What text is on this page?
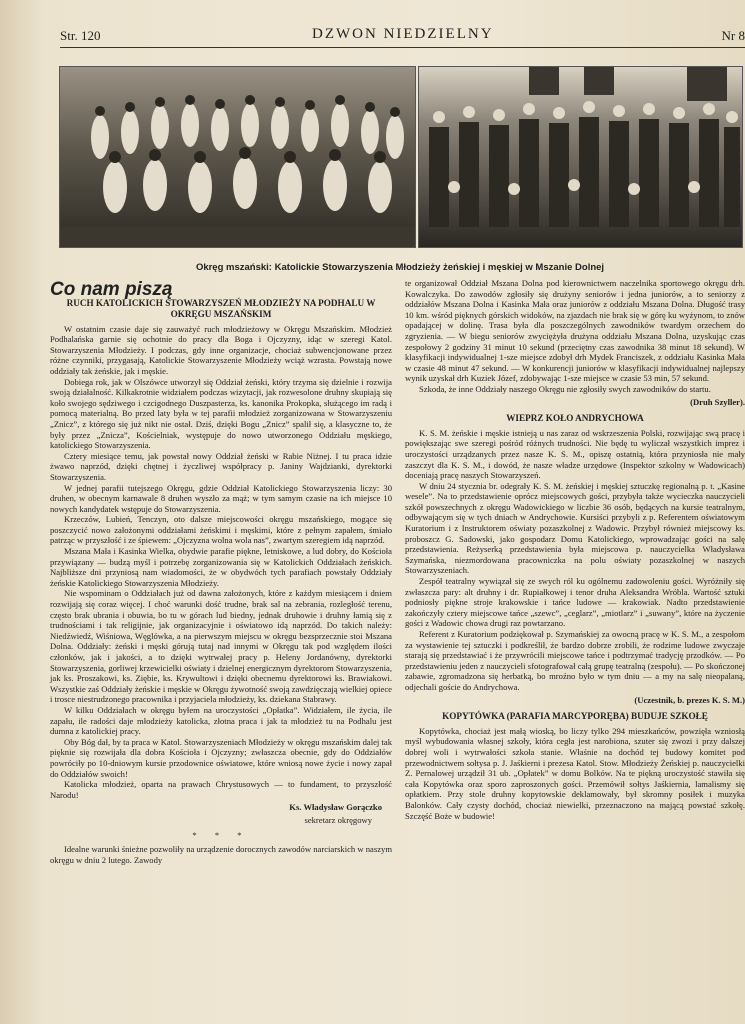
Str. 120	DZWON NIEDZIELNY	Nr 8
Okręg mszański: Katolickie Stowarzyszenia Młodzieży żeńskiej i męskiej w Mszanie Dolnej

Co nam piszą

RUCH KATOLICKICH STOWARZYSZEŃ MŁODZIEŻY NA PODHALU W OKRĘGU MSZAŃSKIM

W ostatnim czasie daje się zauważyć ruch młodzieżowy w Okręgu Mszańskim. Młodzież Podhalańska garnie się ochotnie do pracy dla Boga i Ojczyzny, idąc w szeregi Katol. Stowarzyszenia Młodzieży. I podczas, gdy inne organizacje, chociaż subwencjonowane przez różne czynniki, przygasają, Katolickie Stowarzyszenie Młodzieży wciąż wzrasta. Powstają nowe oddziały tak żeńskie, jak i męskie.

Dobiega rok, jak w Olszówce utworzył się Oddział żeński, który trzyma się dzielnie i rozwija swoją działalność. Kilkakrotnie widziałem podczas wizytacji, jak rozwesolone druhny skupiają się koło swojego sędziwego i czcigodnego Duszpasterza, ks. kanonika Prokopka, służącego im radą i pomocą materialną. Bo przed laty była w tej parafii młodzież zorganizowana w Stowarzyszeniu „Znicz”, z którego się już nikt nie ostał. Dziś, dzięki Bogu „Znicz” spalił się, a klasyczne to, że były przez „Znicza”, Kościelniak, występuje do nowo utworzonego Oddziału męskiego, katolickiego Stowarzyszenia.

Cztery miesiące temu, jak powstał nowy Oddział żeński w Rabie Niżnej. I tu praca idzie żwawo naprzód, dzięki chętnej i życzliwej współpracy p. Janiny Wajdzianki, dyrektorki Stowarzyszenia.

W jednej parafii tutejszego Okręgu, gdzie Oddział Katolickiego Stowarzyszenia liczy: 30 druhen, w obecnym karnawale 8 druhen wyszło za mąż; w tym samym czasie na ich miejsce 10 nowych kandydatek wstępuje do Stowarzyszenia.

Krzeczów, Lubień, Tenczyn, oto dalsze miejscowości okręgu mszańskiego, mogące się poszczycić nowo założonymi oddziałami żeńskimi i męskimi, które z pełnym zapałem, śmiało patrząc w przyszłość i ze śpiewem: „Ojczyzna wolna wola nas”, zwartym szeregiem idą naprzód.

Mszana Mała i Kasinka Wielka, obydwie parafie piękne, letniskowe, a lud dobry, do Kościoła przywiązany — budzą myśl i potrzebę zorganizowania się w Katolickich Oddziałach żeńskich. Najbliższe dni przyniosą nam wiadomości, że w obydwóch tych parafiach powstały Oddziały żeńskie Katolickiego Stowarzyszenia Młodzieży.

Nie wspominam o Oddziałach już od dawna założonych, które z każdym miesiącem i dniem rozwijają się coraz więcej. I choć warunki dość trudne, brak sal na zebrania, rozległość terenu, często brak ubrania i obuwia, bo tu w górach lud biedny, jednak druhowie i druhny łamią się z trudnościami i tak religijnie, jak organizacyjnie i oświatowo idą naprzód. Do takich należy: Niedźwiedź, Wiśniowa, Węglówka, a na pierwszym miejscu w okręgu bezsprzecznie stoi Mszana Dolna. Oddziały: żeński i męski górują tutaj nad innymi w Okręgu tak pod względem ilości członków, jak i jakości, a to dzięki wytrwałej pracy p. Heleny Jordanówny, dyrektorki Stowarzyszenia, gorliwej krzewicielki oświaty i dzielnej energicznym dyrektorom Stowarzyszenia, jak ks. Proszakowi, ks. Ziębie, ks. Krywultowi i dzięki obecnemu dyrektorowi ks. Brawiakowi. Wszystkie zaś Oddziały żeńskie i męskie w Okręgu żywotność swoją zawdzięczają wielkiej opiece i trosce niestrudzonego pracownika i przyjaciela młodzieży, ks. dziekana Stabrawy.

W kilku Oddziałach w okręgu byłem na uroczystości „Opłatka”. Widziałem, ile życia, ile zapału, ile radości daje młodzieży katolicka, złotna praca i jak ta młodzież tu na Podhalu jest dumna z katolickiej pracy.

Oby Bóg dał, by ta praca w Katol. Stowarzyszeniach Młodzieży w okręgu mszańskim dalej tak pięknie się rozwijała dla dobra Kościoła i Ojczyzny; zwłaszcza obecnie, gdy do Oddziałów powróciły po 10-dniowym kursie przodownice oświatowe, które wniosą nowe życie i nowy zapał do Oddziałów swoich!

Katolicka młodzież, oparta na prawach Chrystusowych — to fundament, to przyszłość Narodu!

Ks. Władysław Gorączko

sekretarz okręgowy

* * *

Idealne warunki śnieżne pozwoliły na urządzenie dorocznych zawodów narciarskich w naszym okręgu w dniu 2 lutego. Zawody

te organizował Oddział Mszana Dolna pod kierownictwem naczelnika sportowego okręgu drh. Kowalczyka. Do zawodów zgłosiły się drużyny seniorów i jedna juniorów, a to seniorzy z oddziałów Mszana Dolna i Kasinka Mała oraz juniorów z oddziału Mszana Dolna. Długość trasy 10 km. wśród pięknych górskich widoków, na zjazdach nie brak się w górę ku wyżynom, to znów opadającej w dolinę. Trasa była dla poszczególnych zawodników twardym orzechem do zgryzienia. — W biegu seniorów zwyciężyła drużyna oddziału Mszana Dolna, uzyskując czas zespołowy 2 godziny 31 minut 10 sekund (przeciętny czas zawodnika 38 minut 18 sekund). W klasyfikacji indywidualnej 1-sze miejsce zdobył drh Mydek Franciszek, z oddziału Kasinka Mała w czasie 48 minut 47 sekund. — W konkurencji juniorów w klasyfikacji indywidualnej najlepszy wynik uzyskał drh Kuziek Józef, zdobywając 1-sze miejsce w czasie 53 min, 57 sekund.

Szkoda, że inne Oddziały naszego Okręgu nie zgłosiły swych zawodników do startu.

(Druh Szyller).

WIEPRZ KOŁO ANDRYCHOWA

K. S. M. żeńskie i męskie istnieją u nas zaraz od wskrzeszenia Polski, rozwijając swą pracę i powiększając swe szeregi pośród różnych trudności. Nie będę tu wyliczał wszystkich imprez i uroczystości urządzanych przez nasze K. S. M., opiszę ostatnią, która przyniosła nie mały zaszczyt dla K. S. M., i dowód, że nasze władze urzędowe (Inspektor szkolny w Wadowicach) doceniają pracę naszych Stowarzyszeń.

W dniu 24 stycznia br. odegrały K. S. M. żeńskiej i męskiej sztuczkę regionalną p. t. „Kasine wesele”. Na to przedstawienie oprócz miejscowych gości, przybyła także wycieczka nauczycieli szkół powszechnych z okręgu Wadowickiego w liczbie 36 osób, będących na kursie teatralnym, odbywającym się w tych dniach w Andrychowie. Kursiści przybyli z p. Referentem oświatowym Kuratorium i z Instruktorem oświaty pozaszkolnej z Wadowic. Przybył również miejscowy ks. proboszcz G. Sadowski, jako gospodarz Domu Katolickiego, wprowadzając gości na salę przedstawienia. Reżyserką przedstawienia była miejscowa p. nauczycielka Władysława Szymańska, niezmordowana pracowniczka na polu oświaty pozaszkolnej w naszych Stowarzyszeniach.

Zespół teatralny wywiązał się ze swych ról ku ogólnemu zadowoleniu gości. Wyróżniły się zwłaszcza pary: alt druhny i dr. Rupiałkowej i tenor druha Aleksandra Wróbla. Wartość sztuki podniosły piękne stroje krakowskie i tańce ludowe — krakowiak. Nadto przedstawienie zakończyły cztery miejscowe tańce „szewc”, „ceglarz”, „miotlarz” i „suwany”, które na życzenie gości z Wadowic chowa drugi raz powtarzano.

Referent z Kuratorium podziękował p. Szymańskiej za owocną pracę w K. S. M., a zespołom za wystawienie tej sztuczki i podkreślił, że bardzo dobrze zrobili, że rodzime ludowe zwyczaje starają się przedstawiać i że przywrócili miejscowe tańce i podtrzymać tradycję przodków. — Po przedstawieniu jeden z nauczycieli sfotografował całą grupę teatralną (zespołu). — Po skończonej zabawie, zgromadzona się herbatką, bo mroźno było w tym dniu — a my na salę nieopalaną, odjechali goście do Andrychowa.

(Uczestnik, b. prezes K. S. M.)

KOPYTÓWKA (PARAFIA MARCYPORĘBA) BUDUJE SZKOŁĘ

Kopytówka, chociaż jest małą wioską, bo liczy tylko 294 mieszkańców, powzięła wzniosłą myśl wybudowania własnej szkoły, która cegła jest narobiona, szuter się zwozi i przy dalszej dobrej woli i wytrwałości szkoła stanie. Właśnie na dochód tej budowy komitet pod przewodnictwem sołtysa p. J. Jaśkierni i prezesa Katol. Stow. Młodzieży Żeńskiej p. nauczycielki Z. Pernalowej urządził 31 ub. „Opłatek” w domu Bolków. Na te piękną uroczystość stawiła się cała Kopytówka oraz sporo zaproszonych gości. Przemówił sołtys Jaśkiernia, lamalismy się opłatkiem. Przy stole druhny kopytowskie deklamowały, był skromny posiłek i muzyka Balonków. Cały czysty dochód, chociaż niewielki, przeznaczono na mającą powstać szkołę. Szczęść Boże w budowie!
